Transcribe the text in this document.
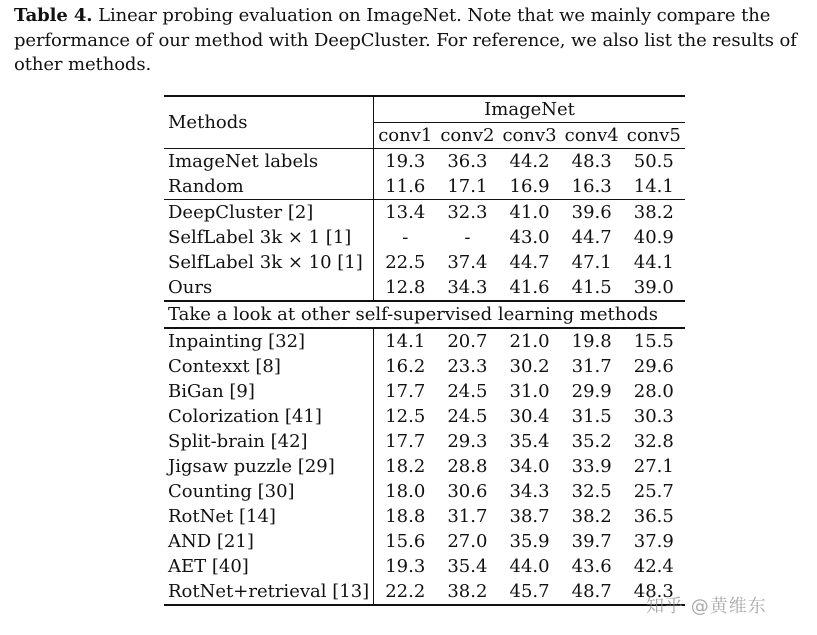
Table 4. Linear probing evaluation on ImageNet. Note that we mainly compare the performance of our method with DeepCluster. For reference, we also list the results of other methods.
Methods	ImageNet				
	conv1	conv2	conv3	conv4	conv5
ImageNet labels	19.3	36.3	44.2	48.3	50.5
Random	11.6	17.1	16.9	16.3	14.1
DeepCluster [2]	13.4	32.3	41.0	39.6	38.2
SelfLabel 3k × 1 [1]	-	-	43.0	44.7	40.9
SelfLabel 3k × 10 [1]	22.5	37.4	44.7	47.1	44.1
Ours	12.8	34.3	41.6	41.5	39.0
Take a look at other self-supervised learning methods					
Inpainting [32]	14.1	20.7	21.0	19.8	15.5
Contexxt [8]	16.2	23.3	30.2	31.7	29.6
BiGan [9]	17.7	24.5	31.0	29.9	28.0
Colorization [41]	12.5	24.5	30.4	31.5	30.3
Split-brain [42]	17.7	29.3	35.4	35.2	32.8
Jigsaw puzzle [29]	18.2	28.8	34.0	33.9	27.1
Counting [30]	18.0	30.6	34.3	32.5	25.7
RotNet [14]	18.8	31.7	38.7	38.2	36.5
AND [21]	15.6	27.0	35.9	39.7	37.9
AET [40]	19.3	35.4	44.0	43.6	42.4
RotNet+retrieval [13]	22.2	38.2	45.7	48.7	48.3
知乎 @黄维东
